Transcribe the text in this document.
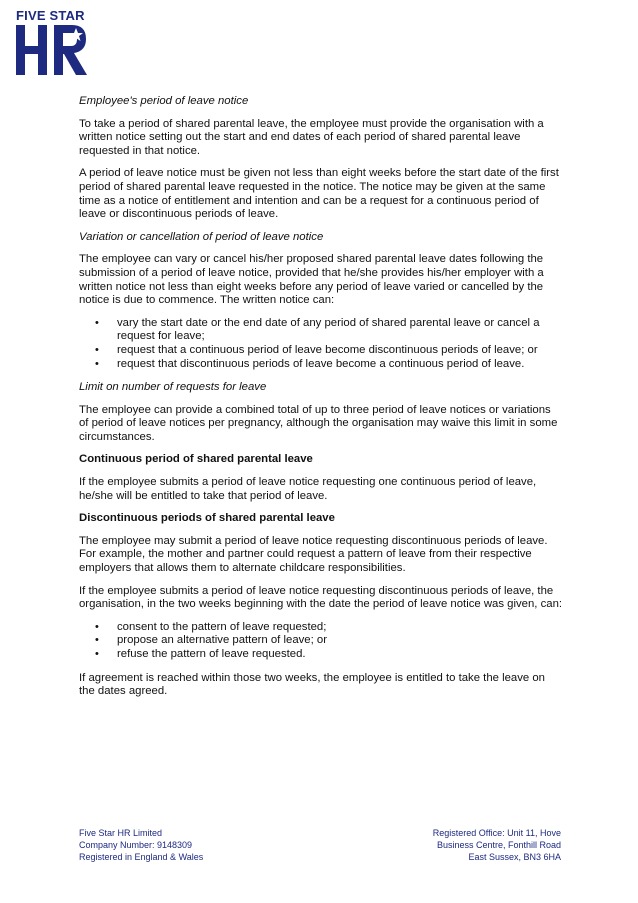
FIVE STAR

Employee's period of leave notice

To take a period of shared parental leave, the employee must provide the organisation with a written notice setting out the start and end dates of each period of shared parental leave requested in that notice.

A period of leave notice must be given not less than eight weeks before the start date of the first period of shared parental leave requested in the notice. The notice may be given at the same time as a notice of entitlement and intention and can be a request for a continuous period of leave or discontinuous periods of leave.

Variation or cancellation of period of leave notice

The employee can vary or cancel his/her proposed shared parental leave dates following the submission of a period of leave notice, provided that he/she provides his/her employer with a written notice not less than eight weeks before any period of leave varied or cancelled by the notice is due to commence. The written notice can:

• vary the start date or the end date of any period of shared parental leave or cancel a request for leave;
• request that a continuous period of leave become discontinuous periods of leave; or
• request that discontinuous periods of leave become a continuous period of leave.

Limit on number of requests for leave

The employee can provide a combined total of up to three period of leave notices or variations of period of leave notices per pregnancy, although the organisation may waive this limit in some circumstances.

Continuous period of shared parental leave

If the employee submits a period of leave notice requesting one continuous period of leave, he/she will be entitled to take that period of leave.

Discontinuous periods of shared parental leave

The employee may submit a period of leave notice requesting discontinuous periods of leave. For example, the mother and partner could request a pattern of leave from their respective employers that allows them to alternate childcare responsibilities.

If the employee submits a period of leave notice requesting discontinuous periods of leave, the organisation, in the two weeks beginning with the date the period of leave notice was given, can:

• consent to the pattern of leave requested;
• propose an alternative pattern of leave; or
• refuse the pattern of leave requested.

If agreement is reached within those two weeks, the employee is entitled to take the leave on the dates agreed.

Five Star HR Limited
Company Number: 9148309
Registered in England & Wales
Registered Office: Unit 11, Hove
Business Centre, Fonthill Road
East Sussex, BN3 6HA
